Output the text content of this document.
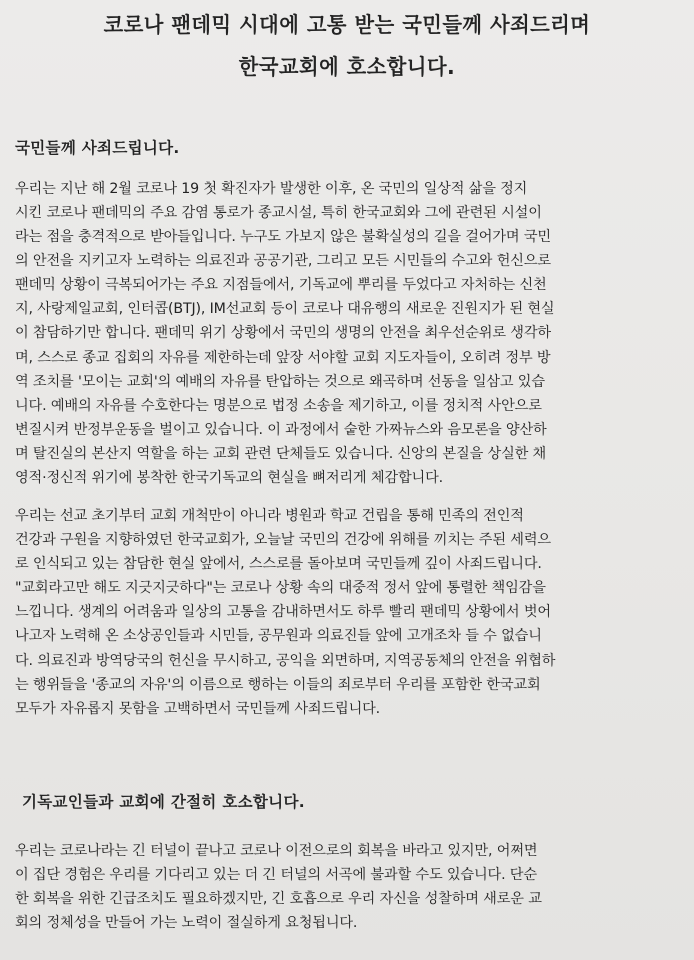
코로나 팬데믹 시대에 고통 받는 국민들께 사죄드리며
한국교회에 호소합니다.
국민들께 사죄드립니다.
우리는 지난 해 2월 코로나 19 첫 확진자가 발생한 이후, 온 국민의 일상적 삶을 정지
시킨 코로나 팬데믹의 주요 감염 통로가 종교시설, 특히 한국교회와 그에 관련된 시설이
라는 점을 충격적으로 받아들입니다. 누구도 가보지 않은 불확실성의 길을 걸어가며 국민
의 안전을 지키고자 노력하는 의료진과 공공기관, 그리고 모든 시민들의 수고와 헌신으로
팬데믹 상황이 극복되어가는 주요 지점들에서, 기독교에 뿌리를 두었다고 자처하는 신천
지, 사랑제일교회, 인터콥(BTJ), IM선교회 등이 코로나 대유행의 새로운 진원지가 된 현실
이 참담하기만 합니다. 팬데믹 위기 상황에서 국민의 생명의 안전을 최우선순위로 생각하
며, 스스로 종교 집회의 자유를 제한하는데 앞장 서야할 교회 지도자들이, 오히려 정부 방
역 조치를 '모이는 교회'의 예배의 자유를 탄압하는 것으로 왜곡하며 선동을 일삼고 있습
니다. 예배의 자유를 수호한다는 명분으로 법정 소송을 제기하고, 이를 정치적 사안으로
변질시켜 반정부운동을 벌이고 있습니다. 이 과정에서 숱한 가짜뉴스와 음모론을 양산하
며 탈진실의 본산지 역할을 하는 교회 관련 단체들도 있습니다. 신앙의 본질을 상실한 채
영적·정신적 위기에 봉착한 한국기독교의 현실을 뼈저리게 체감합니다.
우리는 선교 초기부터 교회 개척만이 아니라 병원과 학교 건립을 통해 민족의 전인적
건강과 구원을 지향하였던 한국교회가, 오늘날 국민의 건강에 위해를 끼치는 주된 세력으
로 인식되고 있는 참담한 현실 앞에서, 스스로를 돌아보며 국민들께 깊이 사죄드립니다.
"교회라고만 해도 지긋지긋하다"는 코로나 상황 속의 대중적 정서 앞에 통렬한 책임감을
느낍니다. 생계의 어려움과 일상의 고통을 감내하면서도 하루 빨리 팬데믹 상황에서 벗어
나고자 노력해 온 소상공인들과 시민들, 공무원과 의료진들 앞에 고개조차 들 수 없습니
다. 의료진과 방역당국의 헌신을 무시하고, 공익을 외면하며, 지역공동체의 안전을 위협하
는 행위들을 '종교의 자유'의 이름으로 행하는 이들의 죄로부터 우리를 포함한 한국교회
모두가 자유롭지 못함을 고백하면서 국민들께 사죄드립니다.
기독교인들과 교회에 간절히 호소합니다.
우리는 코로나라는 긴 터널이 끝나고 코로나 이전으로의 회복을 바라고 있지만, 어쩌면
이 집단 경험은 우리를 기다리고 있는 더 긴 터널의 서곡에 불과할 수도 있습니다. 단순
한 회복을 위한 긴급조치도 필요하겠지만, 긴 호흡으로 우리 자신을 성찰하며 새로운 교
회의 정체성을 만들어 가는 노력이 절실하게 요청됩니다.
